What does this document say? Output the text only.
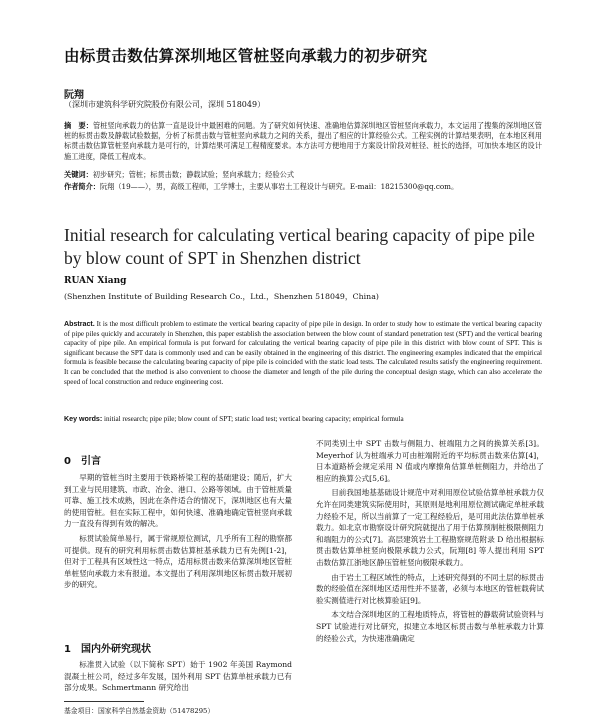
由标贯击数估算深圳地区管桩竖向承载力的初步研究
阮翔
（深圳市建筑科学研究院股份有限公司，深圳 518049）
摘　要：管桩竖向承载力的估算一直是设计中最困难的问题。为了研究如何快速、准确地估算深圳地区管桩竖向承载力，本文运用了搜集的深圳地区管桩的标贯击数及静载试验数据，分析了标贯击数与管桩竖向承载力之间的关系，提出了相应的计算经验公式。工程实例的计算结果表明，在本地区利用标贯击数估算管桩竖向承载力是可行的，计算结果可满足工程精度要求。本方法可方便地用于方案设计阶段对桩径、桩长的选择，可加快本地区的设计施工进度，降低工程成本。
关键词：初步研究；管桩；标贯击数；静载试验；竖向承载力；经验公式
作者简介：阮翔（19——），男，高级工程师，工学博士，主要从事岩土工程设计与研究。E-mail：18215300@qq.com。
Initial research for calculating vertical bearing capacity of pipe pile by blow count of SPT in Shenzhen district
RUAN Xiang
(Shenzhen Institute of Building Research Co.，Ltd.，Shenzhen 518049，China)
Abstract. It is the most difficult problem to estimate the vertical bearing capacity of pipe pile in design. In order to study how to estimate the vertical bearing capacity of pipe piles quickly and accurately in Shenzhen, this paper establish the association between the blow count of standard penetration test (SPT) and the vertical bearing capacity of pipe pile. An empirical formula is put forward for calculating the vertical bearing capacity of pipe pile in this district with blow count of SPT. This is significant because the SPT data is commonly used and can be easily obtained in the engineering of this district. The engineering examples indicated that the empirical formula is feasible because the calculating bearing capacity of pipe pile is coincided with the static load tests. The calculated results satisfy the engineering requirement. It can be concluded that the method is also convenient to choose the diameter and length of the pile during the conceptual design stage, which can also accelerate the speed of local construction and reduce engineering cost.
Key words: initial research; pipe pile; blow count of SPT; static load test; vertical bearing capacity; empirical formula
0  引言

早期的管桩当时主要用于铁路桥梁工程的基础建设；随后，扩大到工业与民用建筑、市政、冶金、港口、公路等领域。由于管桩质量可靠、施工技术成熟，因此在条件适合的情况下，深圳地区也有大量的使用管桩。但在实际工程中，如何快速、准确地确定管桩竖向承载力一直没有得到有效的解决。

标贯试验简单易行，属于常规原位测试，几乎所有工程的勘察都可提供。现有的研究利用标贯击数估算桩基承载力已有先例[1-2]，但对于工程具有区域性这一特点，适用标贯击数来估算深圳地区管桩单桩竖向承载力未有报道。本文提出了利用深圳地区标贯击数开展初步的研究。

1  国内外研究现状

标准贯入试验（以下简称 SPT）始于 1902 年美国 Raymond 混凝土桩公司，经过多年发展，国外利用 SPT 估算单桩承载力已有部分成果。Schmertmann 研究给出

不同类别土中 SPT 击数与侧阻力、桩端阻力之间的换算关系[3]。Meyerhof 认为桩端承力可由桩端附近的平均标贯击数来估算[4]，日本道路桥会规定采用 N 值或内摩擦角估算单桩侧阻力，并给出了相应的换算公式[5,6]。

目前我国地基基础设计规范中对利用原位试验估算单桩承载力仅允许在同类建筑实际使用时，其原则是地利用原位测试确定单桩承载力经验不足，所以当前算了一定工程经验后，是可用此法估算单桩承载力。如北京市勘察设计研究院就提出了用于估算预制桩极限侧阻力和端阻力的公式[7]。高层建筑岩土工程勘察规范附录 D 给出根据标贯击数估算单桩竖向极限承载力公式，阮翔[8] 等人提出利用 SPT 击数估算江浙地区静压管桩竖向极限承载力。

由于岩土工程区域性的特点，上述研究得到的不同土层的标贯击数的经验值在深圳地区适用性并不显著，必须与本地区的管桩载荷试验实测值进行对比核算验证[9]。

本文结合深圳地区的工程地质特点，将管桩的静载荷试验资料与 SPT 试验进行对比研究，拟建立本地区标贯击数与单桩承载力计算的经验公式，为快速准确确定

基金项目：国家科学自然基金资助（51478295）
